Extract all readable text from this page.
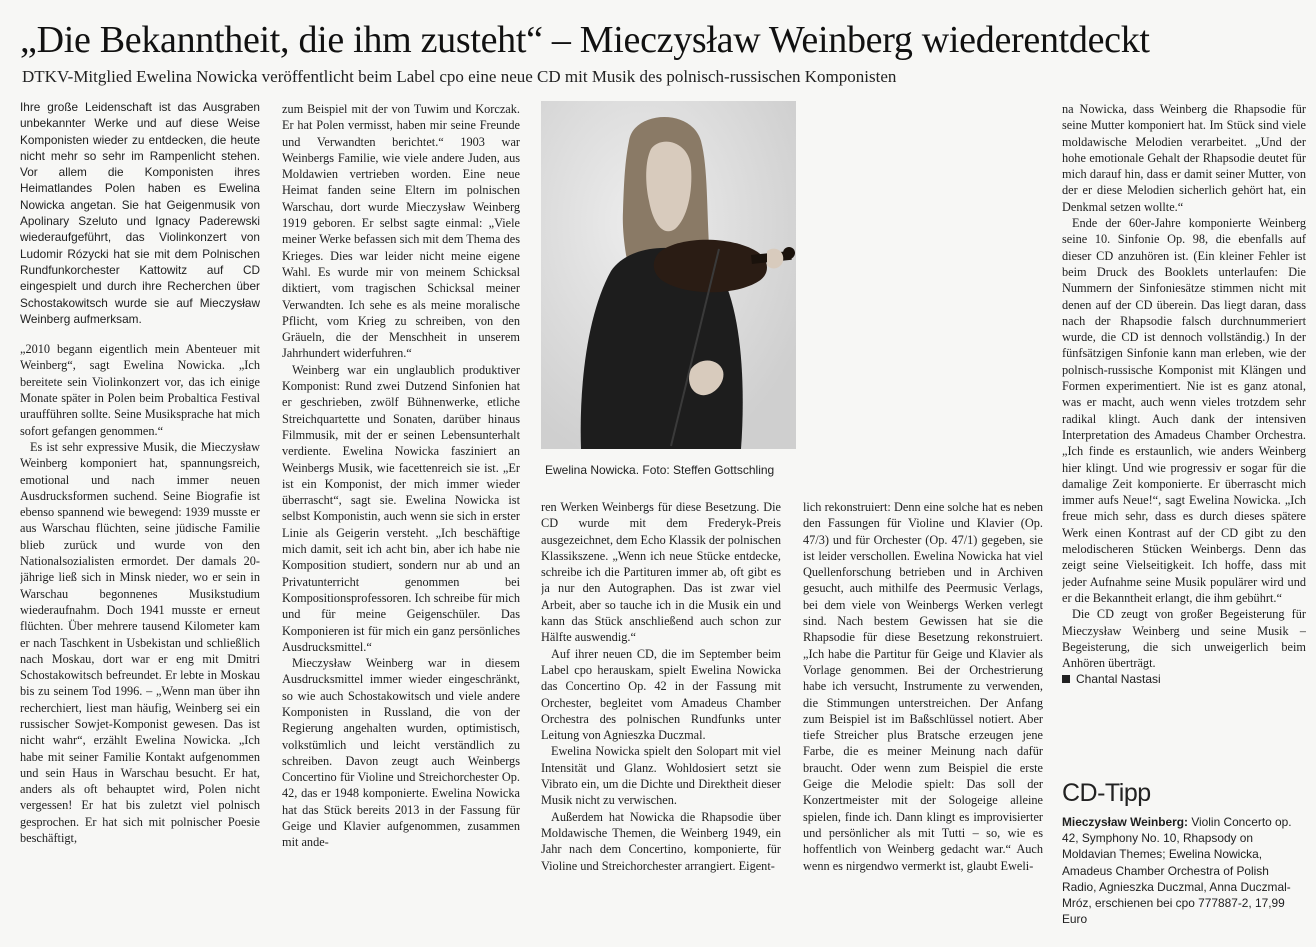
„Die Bekanntheit, die ihm zusteht“ – Mieczysław Weinberg wiederentdeckt
DTKV-Mitglied Ewelina Nowicka veröffentlicht beim Label cpo eine neue CD mit Musik des polnisch-russischen Komponisten

Ihre große Leidenschaft ist das Ausgraben unbekannter Werke und auf diese Weise Komponisten wieder zu entdecken, die heute nicht mehr so sehr im Rampenlicht stehen. Vor allem die Komponisten ihres Heimatlandes Polen haben es Ewelina Nowicka angetan. Sie hat Geigenmusik von Apolinary Szeluto und Ignacy Paderewski wiederaufgeführt, das Violinkonzert von Ludomir Rózycki hat sie mit dem Polnischen Rundfunkorchester Kattowitz auf CD eingespielt und durch ihre Recherchen über Schostakowitsch wurde sie auf Mieczysław Weinberg aufmerksam.

„2010 begann eigentlich mein Abenteuer mit Weinberg“, sagt Ewelina Nowicka. „Ich bereitete sein Violinkonzert vor, das ich einige Monate später in Polen beim Probaltica Festival uraufführen sollte. Seine Musiksprache hat mich sofort gefangen genommen.“

Es ist sehr expressive Musik, die Mieczysław Weinberg komponiert hat, spannungsreich, emotional und nach immer neuen Ausdrucksformen suchend. Seine Biografie ist ebenso spannend wie bewegend: 1939 musste er aus Warschau flüchten, seine jüdische Familie blieb zurück und wurde von den Nationalsozialisten ermordet. Der damals 20-jährige ließ sich in Minsk nieder, wo er sein in Warschau begonnenes Musikstudium wiederaufnahm. Doch 1941 musste er erneut flüchten. Über mehrere tausend Kilometer kam er nach Taschkent in Usbekistan und schließlich nach Moskau, dort war er eng mit Dmitri Schostakowitsch befreundet. Er lebte in Moskau bis zu seinem Tod 1996. – „Wenn man über ihn recherchiert, liest man häufig, Weinberg sei ein russischer Sowjet-Komponist gewesen. Das ist nicht wahr“, erzählt Ewelina Nowicka. „Ich habe mit seiner Familie Kontakt aufgenommen und sein Haus in Warschau besucht. Er hat, anders als oft behauptet wird, Polen nicht vergessen! Er hat bis zuletzt viel polnisch gesprochen. Er hat sich mit polnischer Poesie beschäftigt,

zum Beispiel mit der von Tuwim und Korczak. Er hat Polen vermisst, haben mir seine Freunde und Verwandten berichtet.“ 1903 war Weinbergs Familie, wie viele andere Juden, aus Moldawien vertrieben worden. Eine neue Heimat fanden seine Eltern im polnischen Warschau, dort wurde Mieczysław Weinberg 1919 geboren. Er selbst sagte einmal: „Viele meiner Werke befassen sich mit dem Thema des Krieges. Dies war leider nicht meine eigene Wahl. Es wurde mir von meinem Schicksal diktiert, vom tragischen Schicksal meiner Verwandten. Ich sehe es als meine moralische Pflicht, vom Krieg zu schreiben, von den Gräueln, die der Menschheit in unserem Jahrhundert widerfuhren.“

Weinberg war ein unglaublich produktiver Komponist: Rund zwei Dutzend Sinfonien hat er geschrieben, zwölf Bühnenwerke, etliche Streichquartette und Sonaten, darüber hinaus Filmmusik, mit der er seinen Lebensunterhalt verdiente. Ewelina Nowicka fasziniert an Weinbergs Musik, wie facettenreich sie ist. „Er ist ein Komponist, der mich immer wieder überrascht“, sagt sie. Ewelina Nowicka ist selbst Komponistin, auch wenn sie sich in erster Linie als Geigerin versteht. „Ich beschäftige mich damit, seit ich acht bin, aber ich habe nie Komposition studiert, sondern nur ab und an Privatunterricht genommen bei Kompositionsprofessoren. Ich schreibe für mich und für meine Geigenschüler. Das Komponieren ist für mich ein ganz persönliches Ausdrucksmittel.“

Mieczysław Weinberg war in diesem Ausdrucksmittel immer wieder eingeschränkt, so wie auch Schostakowitsch und viele andere Komponisten in Russland, die von der Regierung angehalten wurden, optimistisch, volkstümlich und leicht verständlich zu schreiben. Davon zeugt auch Weinbergs Concertino für Violine und Streichorchester Op. 42, das er 1948 komponierte. Ewelina Nowicka hat das Stück bereits 2013 in der Fassung für Geige und Klavier aufgenommen, zusammen mit ande-

Ewelina Nowicka. Foto: Steffen Gottschling

ren Werken Weinbergs für diese Besetzung. Die CD wurde mit dem Frederyk-Preis ausgezeichnet, dem Echo Klassik der polnischen Klassikszene. „Wenn ich neue Stücke entdecke, schreibe ich die Partituren immer ab, oft gibt es ja nur den Autographen. Das ist zwar viel Arbeit, aber so tauche ich in die Musik ein und kann das Stück anschließend auch schon zur Hälfte auswendig.“

Auf ihrer neuen CD, die im September beim Label cpo herauskam, spielt Ewelina Nowicka das Concertino Op. 42 in der Fassung mit Orchester, begleitet vom Amadeus Chamber Orchestra des polnischen Rundfunks unter Leitung von Agnieszka Duczmal.

Ewelina Nowicka spielt den Solopart mit viel Intensität und Glanz. Wohldosiert setzt sie Vibrato ein, um die Dichte und Direktheit dieser Musik nicht zu verwischen.

Außerdem hat Nowicka die Rhapsodie über Moldawische Themen, die Weinberg 1949, ein Jahr nach dem Concertino, komponierte, für Violine und Streichorchester arrangiert. Eigent-

lich rekonstruiert: Denn eine solche hat es neben den Fassungen für Violine und Klavier (Op. 47/3) und für Orchester (Op. 47/1) gegeben, sie ist leider verschollen. Ewelina Nowicka hat viel Quellenforschung betrieben und in Archiven gesucht, auch mithilfe des Peermusic Verlags, bei dem viele von Weinbergs Werken verlegt sind. Nach bestem Gewissen hat sie die Rhapsodie für diese Besetzung rekonstruiert. „Ich habe die Partitur für Geige und Klavier als Vorlage genommen. Bei der Orchestrierung habe ich versucht, Instrumente zu verwenden, die Stimmungen unterstreichen. Der Anfang zum Beispiel ist im Baßschlüssel notiert. Aber tiefe Streicher plus Bratsche erzeugen jene Farbe, die es meiner Meinung nach dafür braucht. Oder wenn zum Beispiel die erste Geige die Melodie spielt: Das soll der Konzertmeister mit der Sologeige alleine spielen, finde ich. Dann klingt es improvisierter und persönlicher als mit Tutti – so, wie es hoffentlich von Weinberg gedacht war.“ Auch wenn es nirgendwo vermerkt ist, glaubt Eweli-

na Nowicka, dass Weinberg die Rhapsodie für seine Mutter komponiert hat. Im Stück sind viele moldawische Melodien verarbeitet. „Und der hohe emotionale Gehalt der Rhapsodie deutet für mich darauf hin, dass er damit seiner Mutter, von der er diese Melodien sicherlich gehört hat, ein Denkmal setzen wollte.“

Ende der 60er-Jahre komponierte Weinberg seine 10. Sinfonie Op. 98, die ebenfalls auf dieser CD anzuhören ist. (Ein kleiner Fehler ist beim Druck des Booklets unterlaufen: Die Nummern der Sinfoniesätze stimmen nicht mit denen auf der CD überein. Das liegt daran, dass nach der Rhapsodie falsch durchnummeriert wurde, die CD ist dennoch vollständig.) In der fünfsätzigen Sinfonie kann man erleben, wie der polnisch-russische Komponist mit Klängen und Formen experimentiert. Nie ist es ganz atonal, was er macht, auch wenn vieles trotzdem sehr radikal klingt. Auch dank der intensiven Interpretation des Amadeus Chamber Orchestra. „Ich finde es erstaunlich, wie anders Weinberg hier klingt. Und wie progressiv er sogar für die damalige Zeit komponierte. Er überrascht mich immer aufs Neue!“, sagt Ewelina Nowicka. „Ich freue mich sehr, dass es durch dieses spätere Werk einen Kontrast auf der CD gibt zu den melodischeren Stücken Weinbergs. Denn das zeigt seine Vielseitigkeit. Ich hoffe, dass mit jeder Aufnahme seine Musik populärer wird und er die Bekanntheit erlangt, die ihm gebührt.“

Die CD zeugt von großer Begeisterung für Mieczysław Weinberg und seine Musik – Begeisterung, die sich unweigerlich beim Anhören überträgt.

Chantal Nastasi
CD-Tipp
Mieczysław Weinberg: Violin Concerto op. 42, Symphony No. 10, Rhapsody on Moldavian Themes; Ewelina Nowicka, Amadeus Chamber Orchestra of Polish Radio, Agnieszka Duczmal, Anna Duczmal-Mróz, erschienen bei cpo 777887-2, 17,99 Euro
